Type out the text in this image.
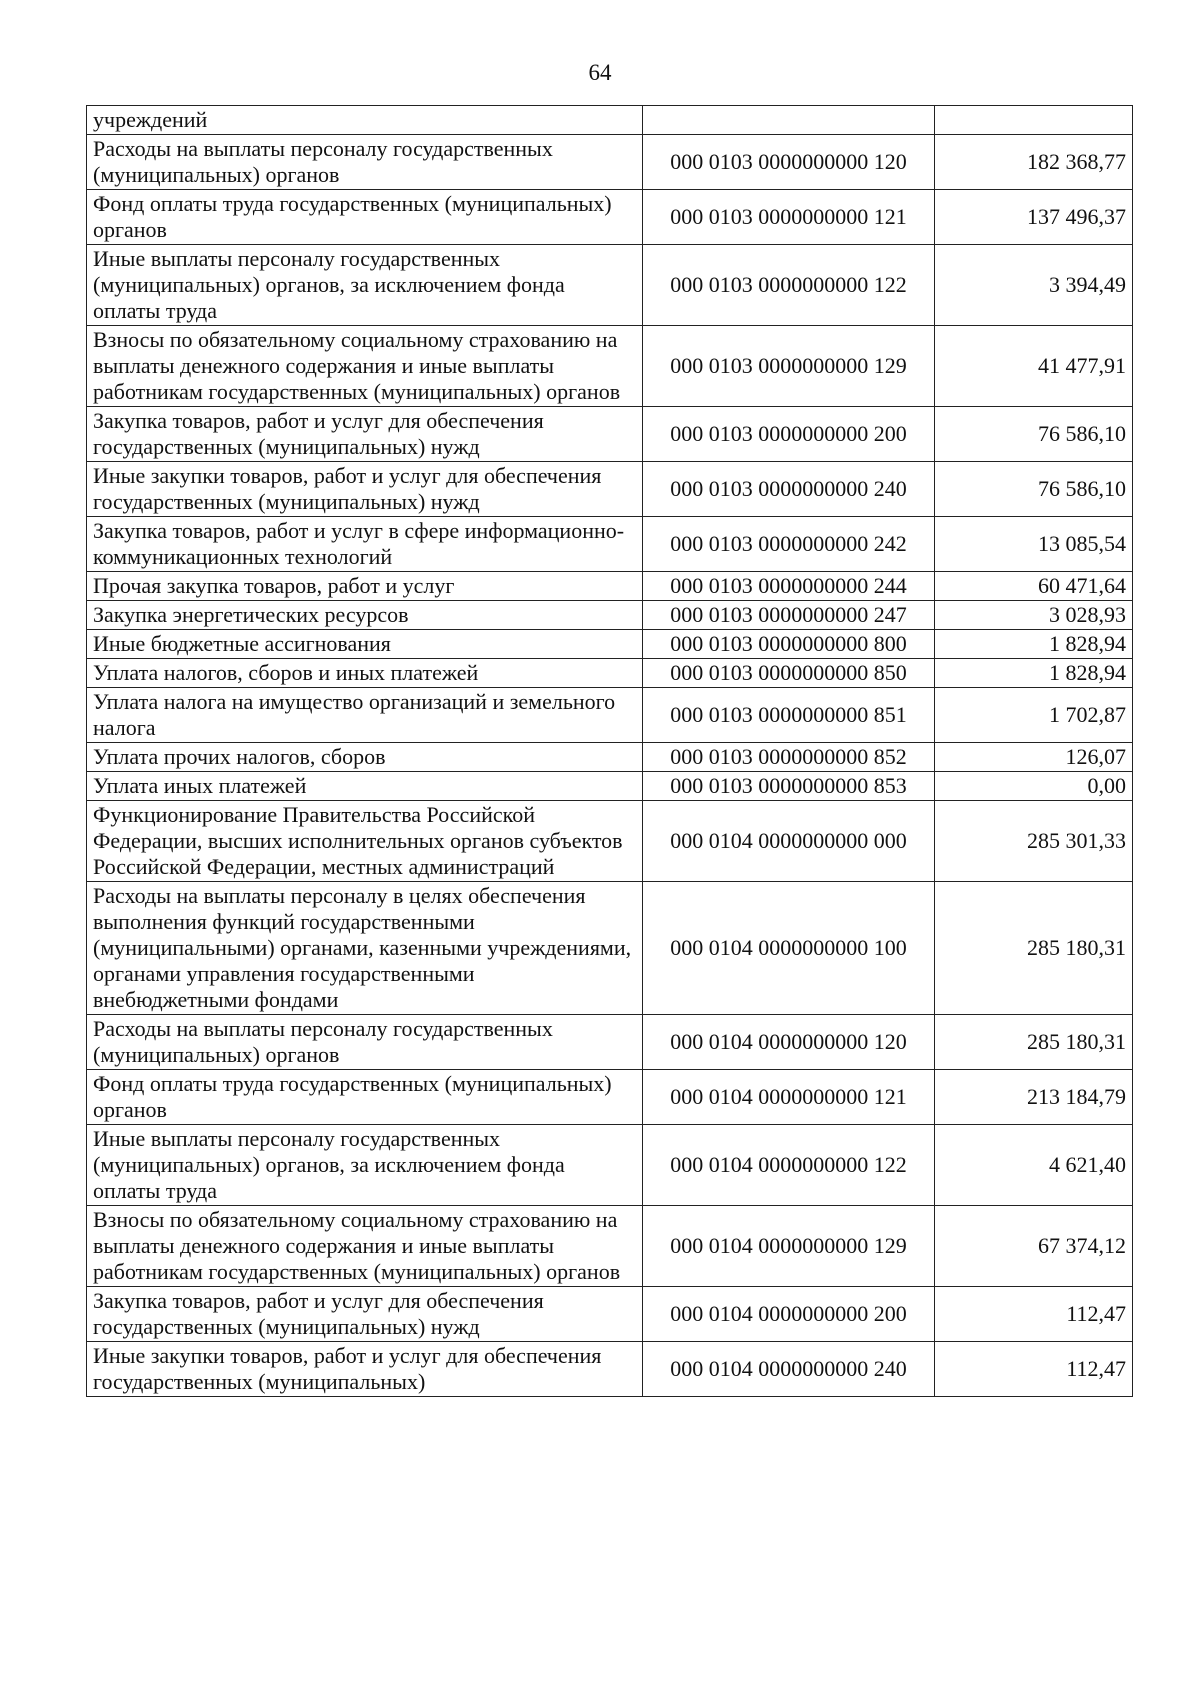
64
учреждений		
Расходы на выплаты персоналу государственных (муниципальных) органов	000 0103 0000000000 120	182 368,77
Фонд оплаты труда государственных (муниципальных) органов	000 0103 0000000000 121	137 496,37
Иные выплаты персоналу государственных (муниципальных) органов, за исключением фонда оплаты труда	000 0103 0000000000 122	3 394,49
Взносы по обязательному социальному страхованию на выплаты денежного содержания и иные выплаты работникам государственных (муниципальных) органов	000 0103 0000000000 129	41 477,91
Закупка товаров, работ и услуг для обеспечения государственных (муниципальных) нужд	000 0103 0000000000 200	76 586,10
Иные закупки товаров, работ и услуг для обеспечения государственных (муниципальных) нужд	000 0103 0000000000 240	76 586,10
Закупка товаров, работ и услуг в сфере информационно-коммуникационных технологий	000 0103 0000000000 242	13 085,54
Прочая закупка товаров, работ и услуг	000 0103 0000000000 244	60 471,64
Закупка энергетических ресурсов	000 0103 0000000000 247	3 028,93
Иные бюджетные ассигнования	000 0103 0000000000 800	1 828,94
Уплата налогов, сборов и иных платежей	000 0103 0000000000 850	1 828,94
Уплата налога на имущество организаций и земельного налога	000 0103 0000000000 851	1 702,87
Уплата прочих налогов, сборов	000 0103 0000000000 852	126,07
Уплата иных платежей	000 0103 0000000000 853	0,00
Функционирование Правительства Российской Федерации, высших исполнительных органов субъектов Российской Федерации, местных администраций	000 0104 0000000000 000	285 301,33
Расходы на выплаты персоналу в целях обеспечения выполнения функций государственными (муниципальными) органами, казенными учреждениями, органами управления государственными внебюджетными фондами	000 0104 0000000000 100	285 180,31
Расходы на выплаты персоналу государственных (муниципальных) органов	000 0104 0000000000 120	285 180,31
Фонд оплаты труда государственных (муниципальных) органов	000 0104 0000000000 121	213 184,79
Иные выплаты персоналу государственных (муниципальных) органов, за исключением фонда оплаты труда	000 0104 0000000000 122	4 621,40
Взносы по обязательному социальному страхованию на выплаты денежного содержания и иные выплаты работникам государственных (муниципальных) органов	000 0104 0000000000 129	67 374,12
Закупка товаров, работ и услуг для обеспечения государственных (муниципальных) нужд	000 0104 0000000000 200	112,47
Иные закупки товаров, работ и услуг для обеспечения государственных (муниципальных)	000 0104 0000000000 240	112,47
